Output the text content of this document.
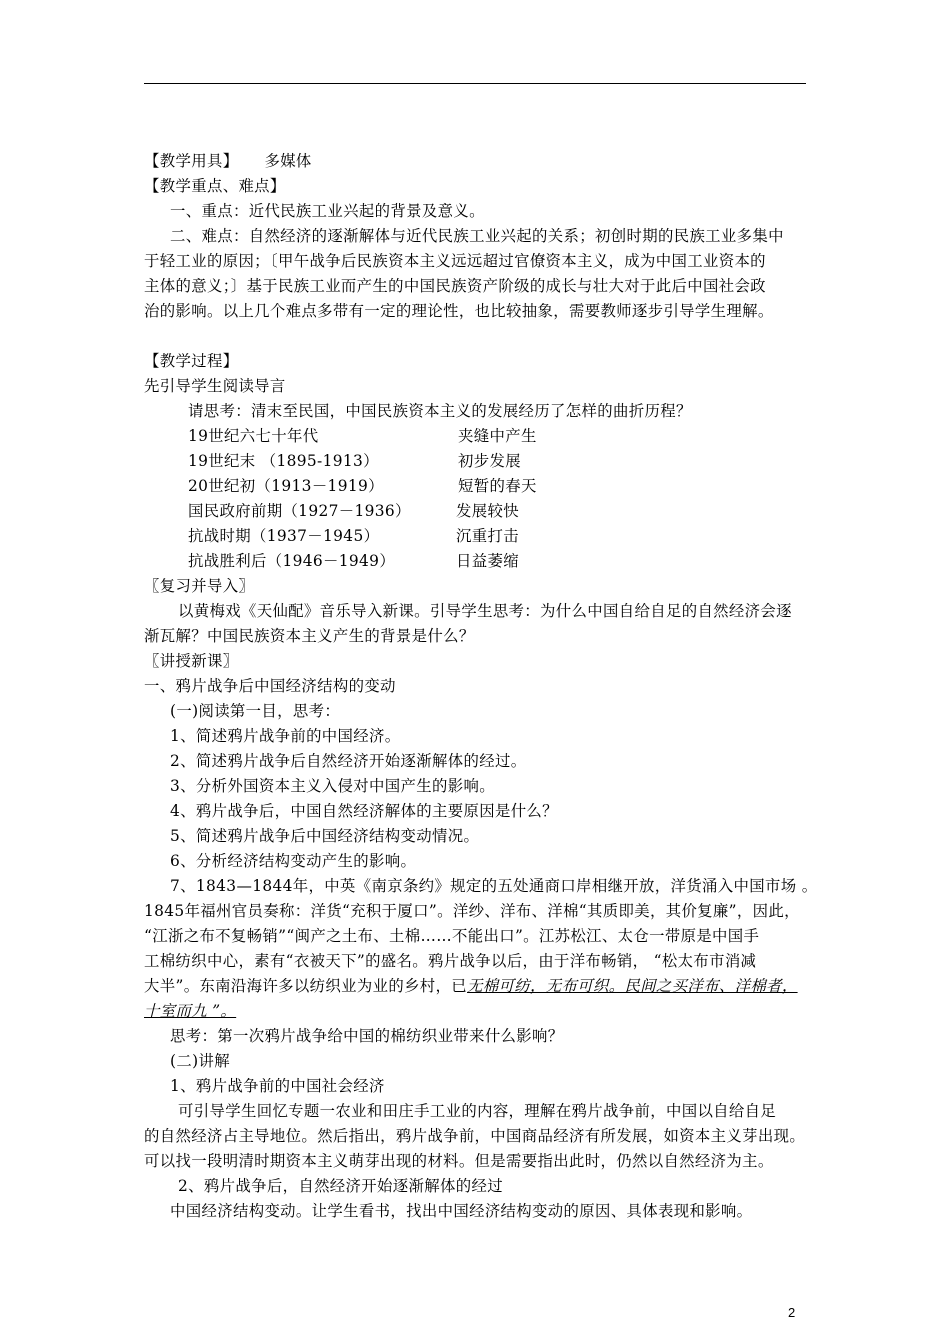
【教学用具】 多媒体
【教学重点、难点】
一、重点：近代民族工业兴起的背景及意义。
二、难点：自然经济的逐渐解体与近代民族工业兴起的关系；初创时期的民族工业多集中
于轻工业的原因；〔甲午战争后民族资本主义远远超过官僚资本主义，成为中国工业资本的
主体的意义；〕基于民族工业而产生的中国民族资产阶级的成长与壮大对于此后中国社会政
治的影响。以上几个难点多带有一定的理论性，也比较抽象，需要教师逐步引导学生理解。
【教学过程】
先引导学生阅读导言
请思考：清末至民国，中国民族资本主义的发展经历了怎样的曲折历程？
19世纪六七十年代	夹缝中产生
19世纪末 （1895-1913）	初步发展
20世纪初（1913－1919）	短暂的春天
国民政府前期（1927－1936）	发展较快
抗战时期（1937－1945）	沉重打击
抗战胜利后（1946－1949）	日益萎缩
〖复习并导入〗
以黄梅戏《天仙配》音乐导入新课。引导学生思考：为什么中国自给自足的自然经济会逐
渐瓦解？中国民族资本主义产生的背景是什么？
〖讲授新课〗
一、鸦片战争后中国经济结构的变动
(一)阅读第一目，思考：
1、简述鸦片战争前的中国经济。
2、简述鸦片战争后自然经济开始逐渐解体的经过。
3、分析外国资本主义入侵对中国产生的影响。
4、鸦片战争后，中国自然经济解体的主要原因是什么？
5、简述鸦片战争后中国经济结构变动情况。
6、分析经济结构变动产生的影响。
7、1843—1844年，中英《南京条约》规定的五处通商口岸相继开放，洋货涌入中国市场 。
1845年福州官员奏称：洋货“充积于厦口”。洋纱、洋布、洋棉“其质即美，其价复廉”，因此，
“江浙之布不复畅销”“闽产之土布、土棉……不能出口”。江苏松江、太仓一带原是中国手
工棉纺织中心，素有“衣被天下”的盛名。鸦片战争以后，由于洋布畅销， “松太布市消减
大半”。东南沿海许多以纺织业为业的乡村，已无棉可纺，无布可织。民间之买洋布、洋棉者，
十室而九 ”。
思考：第一次鸦片战争给中国的棉纺织业带来什么影响？
(二)讲解
1、鸦片战争前的中国社会经济
可引导学生回忆专题一农业和田庄手工业的内容，理解在鸦片战争前，中国以自给自足
的自然经济占主导地位。然后指出，鸦片战争前，中国商品经济有所发展，如资本主义芽出现。
可以找一段明清时期资本主义萌芽出现的材料。但是需要指出此时，仍然以自然经济为主。
2、鸦片战争后，自然经济开始逐渐解体的经过
中国经济结构变动。让学生看书，找出中国经济结构变动的原因、具体表现和影响。
2
